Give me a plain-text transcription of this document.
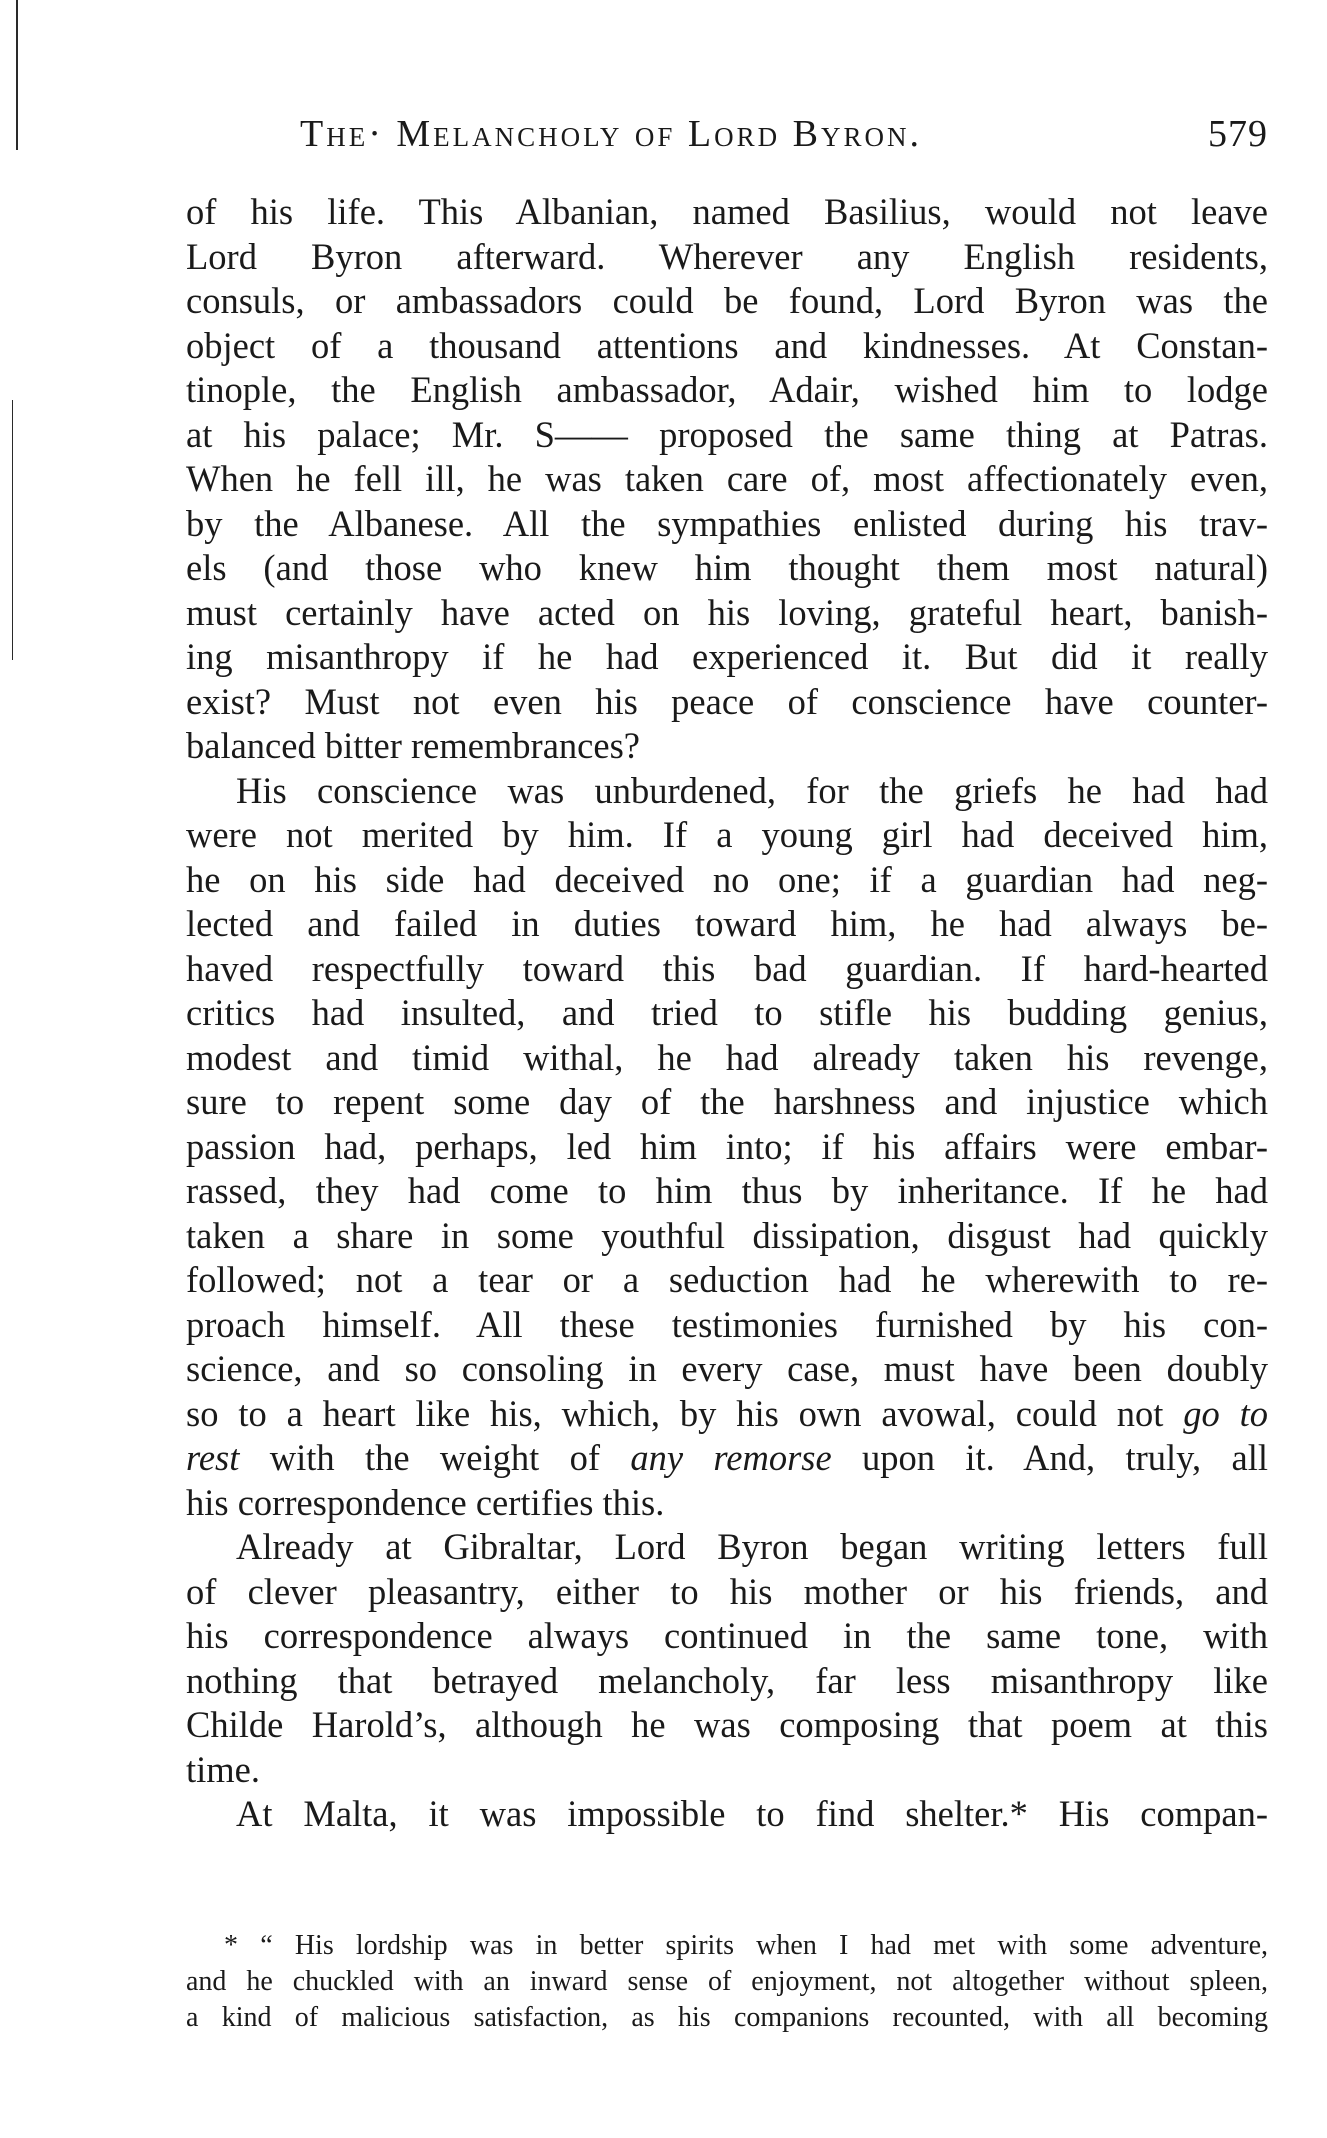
The· Melancholy of Lord Byron.	579
of his life. This Albanian, named Basilius, would not leave
Lord Byron afterward. Wherever any English residents,
consuls, or ambassadors could be found, Lord Byron was the
object of a thousand attentions and kindnesses. At Constan-
tinople, the English ambassador, Adair, wished him to lodge
at his palace; Mr. S—— proposed the same thing at Patras.
When he fell ill, he was taken care of, most affectionately even,
by the Albanese. All the sympathies enlisted during his trav-
els (and those who knew him thought them most natural)
must certainly have acted on his loving, grateful heart, banish-
ing misanthropy if he had experienced it. But did it really
exist? Must not even his peace of conscience have counter-
balanced bitter remembrances?
His conscience was unburdened, for the griefs he had had
were not merited by him. If a young girl had deceived him,
he on his side had deceived no one; if a guardian had neg-
lected and failed in duties toward him, he had always be-
haved respectfully toward this bad guardian. If hard-hearted
critics had insulted, and tried to stifle his budding genius,
modest and timid withal, he had already taken his revenge,
sure to repent some day of the harshness and injustice which
passion had, perhaps, led him into; if his affairs were embar-
rassed, they had come to him thus by inheritance. If he had
taken a share in some youthful dissipation, disgust had quickly
followed; not a tear or a seduction had he wherewith to re-
proach himself. All these testimonies furnished by his con-
science, and so consoling in every case, must have been doubly
so to a heart like his, which, by his own avowal, could not go to
rest with the weight of any remorse upon it. And, truly, all
his correspondence certifies this.
Already at Gibraltar, Lord Byron began writing letters full
of clever pleasantry, either to his mother or his friends, and
his correspondence always continued in the same tone, with
nothing that betrayed melancholy, far less misanthropy like
Childe Harold’s, although he was composing that poem at this
time.
At Malta, it was impossible to find shelter.* His compan-
* “ His lordship was in better spirits when I had met with some adventure,
and he chuckled with an inward sense of enjoyment, not altogether without spleen,
a kind of malicious satisfaction, as his companions recounted, with all becoming
